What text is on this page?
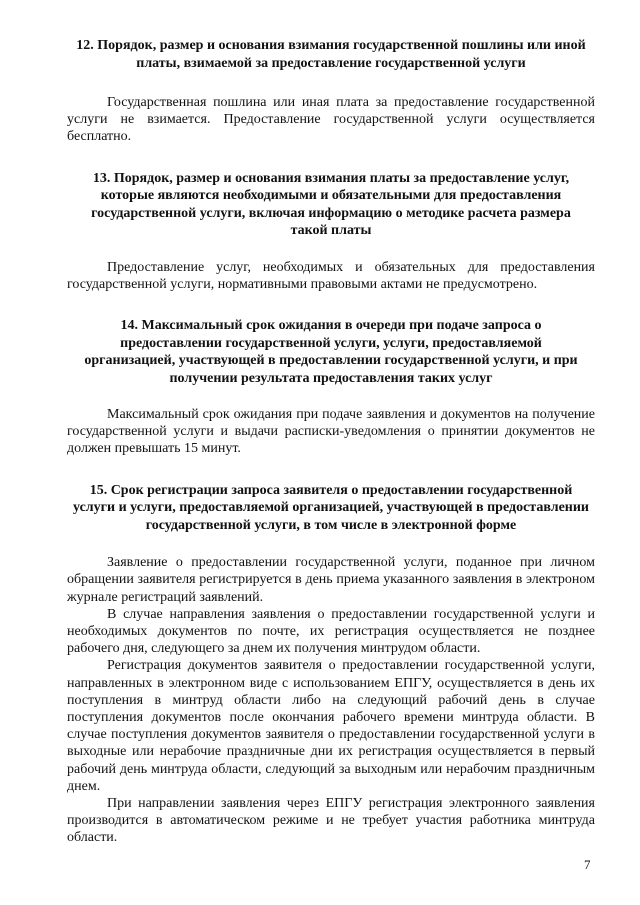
12. Порядок, размер и основания взимания государственной пошлины или иной платы, взимаемой за предоставление государственной услуги

Государственная пошлина или иная плата за предоставление государственной услуги не взимается. Предоставление государственной услуги осуществляется бесплатно.

13. Порядок, размер и основания взимания платы за предоставление услуг, которые являются необходимыми и обязательными для предоставления государственной услуги, включая информацию о методике расчета размера такой платы

Предоставление услуг, необходимых и обязательных для предоставления государственной услуги, нормативными правовыми актами не предусмотрено.

14. Максимальный срок ожидания в очереди при подаче запроса о предоставлении государственной услуги, услуги, предоставляемой организацией, участвующей в предоставлении государственной услуги, и при получении результата предоставления таких услуг

Максимальный срок ожидания при подаче заявления и документов на получение государственной услуги и выдачи расписки-уведомления о принятии документов не должен превышать 15 минут.

15. Срок регистрации запроса заявителя о предоставлении государственной услуги и услуги, предоставляемой организацией, участвующей в предоставлении государственной услуги, в том числе в электронной форме

Заявление о предоставлении государственной услуги, поданное при личном обращении заявителя регистрируется в день приема указанного заявления в электроном журнале регистраций заявлений.

В случае направления заявления о предоставлении государственной услуги и необходимых документов по почте, их регистрация осуществляется не позднее рабочего дня, следующего за днем их получения минтрудом области.

Регистрация документов заявителя о предоставлении государственной услуги, направленных в электронном виде с использованием ЕПГУ, осуществляется в день их поступления в минтруд области либо на следующий рабочий день в случае поступления документов после окончания рабочего времени минтруда области. В случае поступления документов заявителя о предоставлении государственной услуги в выходные или нерабочие праздничные дни их регистрация осуществляется в первый рабочий день минтруда области, следующий за выходным или нерабочим праздничным днем.

При направлении заявления через ЕПГУ регистрация электронного заявления производится в автоматическом режиме и не требует участия работника минтруда области.

7
